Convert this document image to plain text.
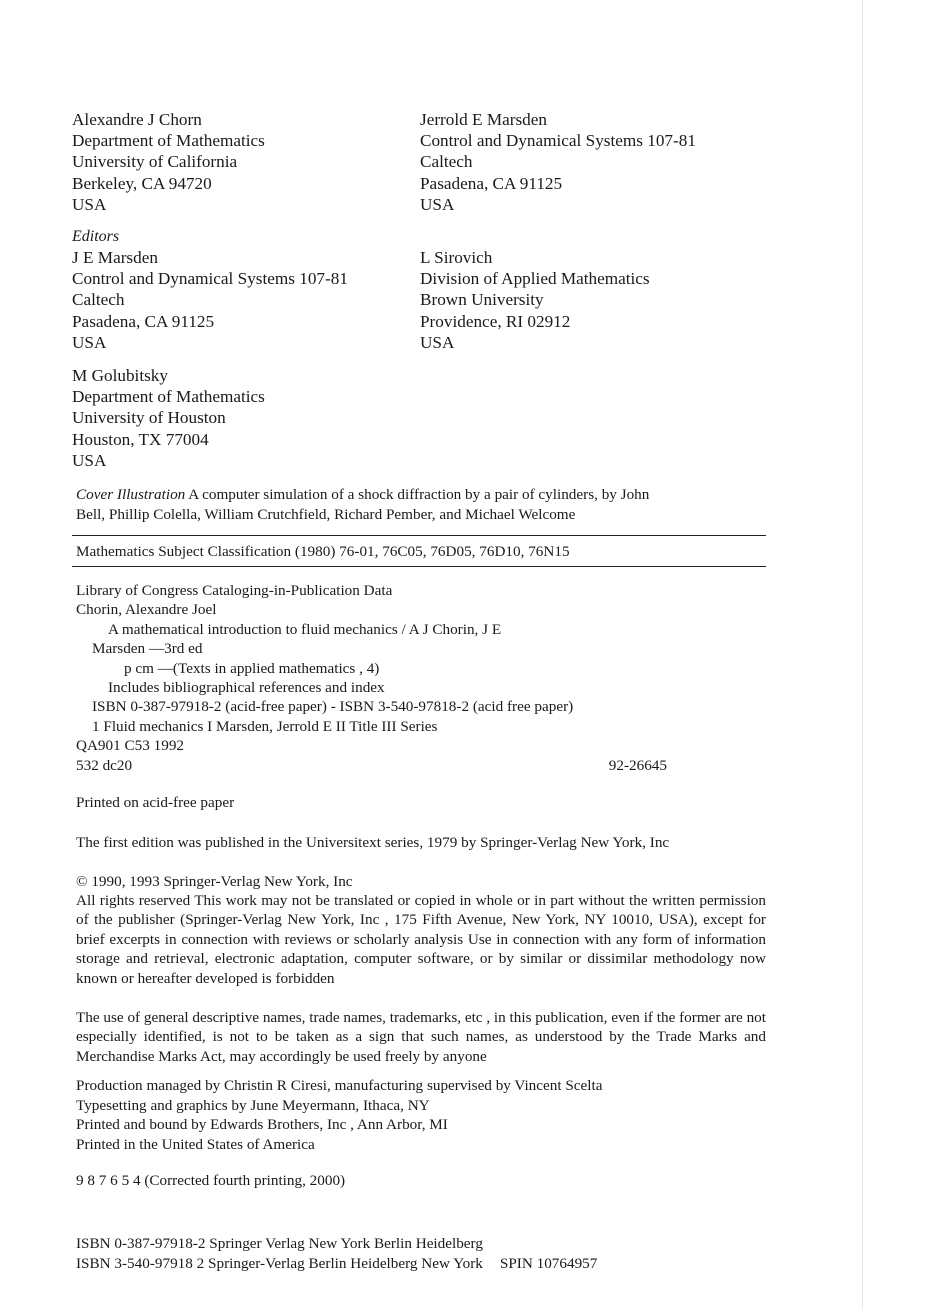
Alexandre J Chorn
Department of Mathematics
University of California
Berkeley, CA 94720
USA
Jerrold E Marsden
Control and Dynamical Systems 107-81
Caltech
Pasadena, CA 91125
USA
Editors
J E Marsden
Control and Dynamical Systems 107-81
Caltech
Pasadena, CA 91125
USA
L Sirovich
Division of Applied Mathematics
Brown University
Providence, RI 02912
USA
M Golubitsky
Department of Mathematics
University of Houston
Houston, TX 77004
USA
Cover Illustration A computer simulation of a shock diffraction by a pair of cylinders, by John
Bell, Phillip Colella, William Crutchfield, Richard Pember, and Michael Welcome
Mathematics Subject Classification (1980) 76-01, 76C05, 76D05, 76D10, 76N15
Library of Congress Cataloging-in-Publication Data
Chorin, Alexandre Joel
A mathematical introduction to fluid mechanics / A J Chorin, J E
Marsden —3rd ed
p cm —(Texts in applied mathematics , 4)
Includes bibliographical references and index
ISBN 0-387-97918-2 (acid-free paper) - ISBN 3-540-97818-2 (acid free paper)
1 Fluid mechanics I Marsden, Jerrold E II Title III Series
QA901 C53 1992
532 dc20	92-26645
Printed on acid-free paper
The first edition was published in the Universitext series, 1979 by Springer-Verlag New York, Inc
© 1990, 1993 Springer-Verlag New York, Inc
All rights reserved This work may not be translated or copied in whole or in part without the written permission of the publisher (Springer-Verlag New York, Inc , 175 Fifth Avenue, New York, NY 10010, USA), except for brief excerpts in connection with reviews or scholarly analysis Use in connection with any form of information storage and retrieval, electronic adaptation, computer software, or by similar or dissimilar methodology now known or hereafter developed is forbidden
The use of general descriptive names, trade names, trademarks, etc , in this publication, even if the former are not especially identified, is not to be taken as a sign that such names, as understood by the Trade Marks and Merchandise Marks Act, may accordingly be used freely by anyone
Production managed by Christin R Ciresi, manufacturing supervised by Vincent Scelta
Typesetting and graphics by June Meyermann, Ithaca, NY
Printed and bound by Edwards Brothers, Inc , Ann Arbor, MI
Printed in the United States of America
9 8 7 6 5 4 (Corrected fourth printing, 2000)
ISBN 0-387-97918-2 Springer Verlag New York Berlin Heidelberg
ISBN 3-540-97918 2 Springer-Verlag Berlin Heidelberg New York SPIN 10764957
